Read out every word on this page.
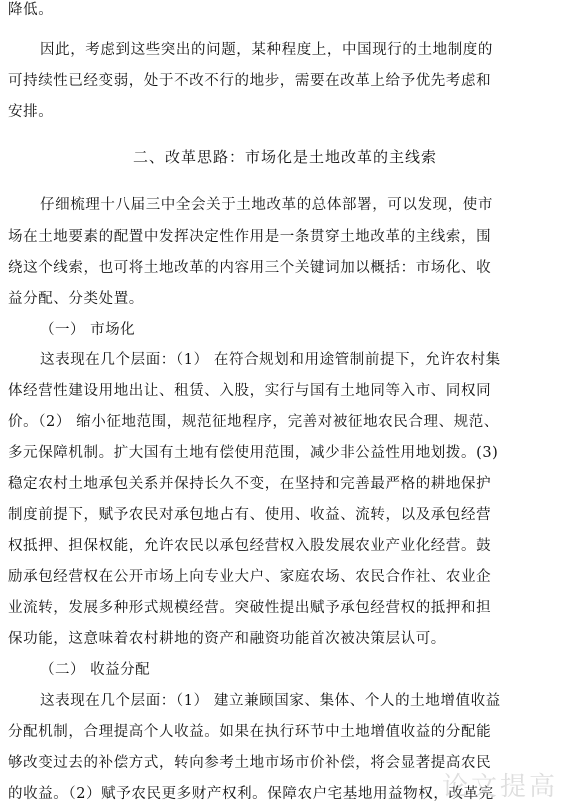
降低。
因此，考虑到这些突出的问题，某种程度上，中国现行的土地制度的
可持续性已经变弱，处于不改不行的地步，需要在改革上给予优先考虑和
安排。
二、改革思路：市场化是土地改革的主线索
仔细梳理十八届三中全会关于土地改革的总体部署，可以发现，使市
场在土地要素的配置中发挥决定性作用是一条贯穿土地改革的主线索，围
绕这个线索，也可将土地改革的内容用三个关键词加以概括：市场化、收
益分配、分类处置。
（一） 市场化
这表现在几个层面：（1） 在符合规划和用途管制前提下，允许农村集
体经营性建设用地出让、租赁、入股，实行与国有土地同等入市、同权同
价。（2） 缩小征地范围，规范征地程序，完善对被征地农民合理、规范、
多元保障机制。扩大国有土地有偿使用范围，减少非公益性用地划拨。(3)
稳定农村土地承包关系并保持长久不变，在坚持和完善最严格的耕地保护
制度前提下，赋予农民对承包地占有、使用、收益、流转，以及承包经营
权抵押、担保权能，允许农民以承包经营权入股发展农业产业化经营。鼓
励承包经营权在公开市场上向专业大户、家庭农场、农民合作社、农业企
业流转，发展多种形式规模经营。突破性提出赋予承包经营权的抵押和担
保功能，这意味着农村耕地的资产和融资功能首次被决策层认可。
（二） 收益分配
这表现在几个层面：（1） 建立兼顾国家、集体、个人的土地增值收益
分配机制，合理提高个人收益。如果在执行环节中土地增值收益的分配能
够改变过去的补偿方式，转向参考土地市场市价补偿，将会显著提高农民
的收益。（2）赋予农民更多财产权利。保障农户宅基地用益物权，改革完
论文提高
